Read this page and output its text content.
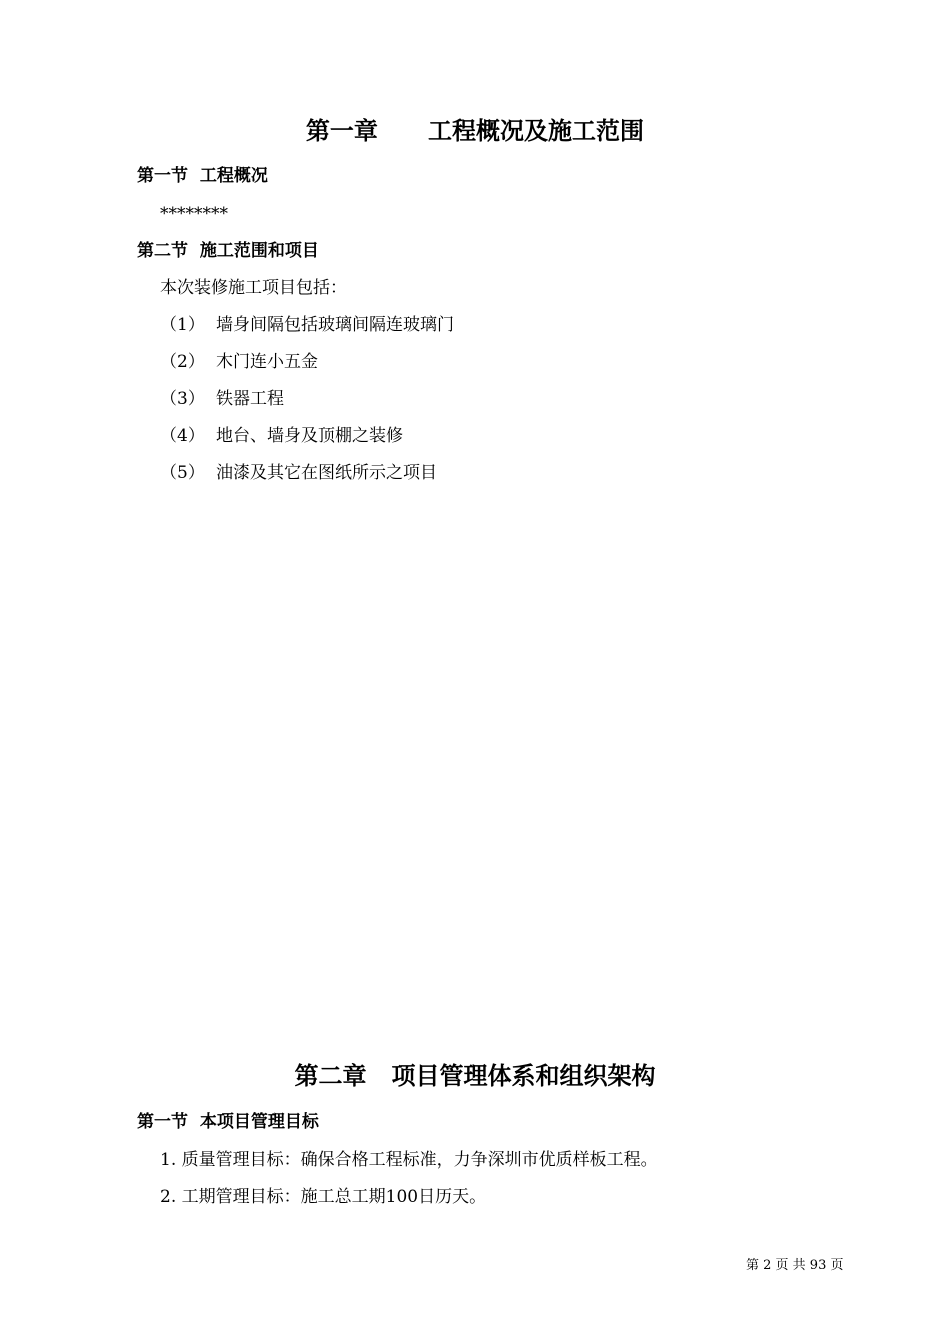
第一章      工程概况及施工范围
第一节  工程概况
********
第二节  施工范围和项目
本次装修施工项目包括：
（1） 墙身间隔包括玻璃间隔连玻璃门
（2） 木门连小五金
（3） 铁器工程
（4） 地台、墙身及顶棚之装修
（5） 油漆及其它在图纸所示之项目
第二章   项目管理体系和组织架构
第一节  本项目管理目标
1. 质量管理目标：确保合格工程标准，力争深圳市优质样板工程。
2. 工期管理目标：施工总工期100日历天。
第 2 页 共 93 页
